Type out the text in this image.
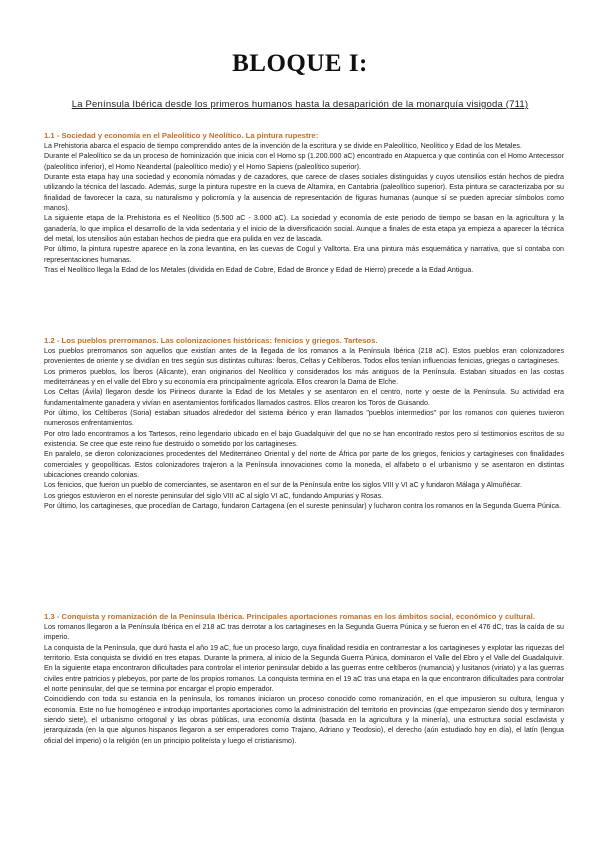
BLOQUE I:
La Península Ibérica desde los primeros humanos hasta la desaparición de la monarquía visigoda (711)
1.1 - Sociedad y economía en el Paleolítico y Neolítico. La pintura rupestre:

La Prehistoria abarca el espacio de tiempo comprendido antes de la invención de la escritura y se divide en Paleolítico, Neolítico y Edad de los Metales.

Durante el Paleolítico se da un proceso de hominización que inicia con el Homo sp (1.200.000 aC) encontrado en Atapuerca y que continúa con el Homo Antecessor (paleolítico inferior), el Homo Neandertal (paleolítico medio) y el Homo Sapiens (paleolítico superior).

Durante esta etapa hay una sociedad y economía nómadas y de cazadores, que carece de clases sociales distinguidas y cuyos utensilios están hechos de piedra utilizando la técnica del lascado. Además, surge la pintura rupestre en la cueva de Altamira, en Cantabria (paleolítico superior). Esta pintura se caracterizaba por su finalidad de favorecer la caza, su naturalismo y policromía y la ausencia de representación de figuras humanas (aunque sí se pueden apreciar símbolos como manos).

La siguiente etapa de la Prehistoria es el Neolítico (5.500 aC - 3.000 aC). La sociedad y economía de este periodo de tiempo se basan en la agricultura y la ganadería, lo que implica el desarrollo de la vida sedentaria y el inicio de la diversificación social. Aunque a finales de esta etapa ya empieza a aparecer la técnica del metal, los utensilios aún estaban hechos de piedra que era pulida en vez de lascada.

Por último, la pintura rupestre aparece en la zona levantina, en las cuevas de Cogul y Valltorta. Era una pintura más esquemática y narrativa, que sí contaba con representaciones humanas.

Tras el Neolítico llega la Edad de los Metales (dividida en Edad de Cobre, Edad de Bronce y Edad de Hierro) precede a la Edad Antigua.

1.2 - Los pueblos prerromanos. Las colonizaciones históricas: fenicios y griegos. Tartesos.

Los pueblos prerromanos son aquellos que existían antes de la llegada de los romanos a la Península Ibérica (218 aC). Estos pueblos eran colonizadores provenientes de oriente y se dividían en tres según sus distintas culturas: Íberos, Celtas y Celtíberos. Todos ellos tenían influencias fenicias, griegas o cartagineses.

Los primeros pueblos, los Íberos (Alicante), eran originarios del Neolítico y considerados los más antiguos de la Península. Estaban situados en las costas mediterráneas y en el valle del Ebro y su economía era principalmente agrícola. Ellos crearon la Dama de Elche.

Los Celtas (Ávila) llegaron desde los Pirineos durante la Edad de los Metales y se asentaron en el centro, norte y oeste de la Península. Su actividad era fundamentalmente ganadera y vivían en asentamientos fortificados llamados castros. Ellos crearon los Toros de Guisando.

Por último, los Celtíberos (Soria) estaban situados alrededor del sistema ibérico y eran llamados "pueblos intermedios" por los romanos con quienes tuvieron numerosos enfrentamientos.

Por otro lado encontramos a los Tartesos, reino legendario ubicado en el bajo Guadalquivir del que no se han encontrado restos pero sí testimonios escritos de su existencia. Se cree que este reino fue destruido o sometido por los cartagineses.

En paralelo, se dieron colonizaciones procedentes del Mediterráneo Oriental y del norte de África por parte de los griegos, fenicios y cartagineses con finalidades comerciales y geopolíticas. Estos colonizadores trajeron a la Península innovaciones como la moneda, el alfabeto o el urbanismo y se asentaron en distintas ubicaciones creando colonias.

Los fenicios, que fueron un pueblo de comerciantes, se asentaron en el sur de la Península entre los siglos VIII y VI aC y fundaron Málaga y Almuñécar.

Los griegos estuvieron en el noreste peninsular del siglo VIII aC al siglo VI aC, fundando Ampurias y Rosas.

Por último, los cartagineses, que procedían de Cartago, fundaron Cartagena (en el sureste peninsular) y lucharon contra los romanos en la Segunda Guerra Púnica.

1.3 - Conquista y romanización de la Península Ibérica. Principales aportaciones romanas en los ámbitos social, económico y cultural.

Los romanos llegaron a la Península Ibérica en el 218 aC tras derrotar a los cartagineses en la Segunda Guerra Púnica y se fueron en el 476 dC, tras la caída de su imperio.

La conquista de la Península, que duró hasta el año 19 aC, fue un proceso largo, cuya finalidad residía en contrarrestar a los cartagineses y explotar las riquezas del territorio. Esta conquista se dividió en tres etapas. Durante la primera, al inicio de la Segunda Guerra Púnica, dominaron el Valle del Ebro y el Valle del Guadalquivir. En la siguiente etapa encontraron dificultades para controlar el interior peninsular debido a las guerras entre celtíberos (numancia) y lusitanos (viriato) y a las guerras civiles entre patricios y plebeyos, por parte de los propios romanos. La conquista termina en el 19 aC tras una etapa en la que encontraron dificultades para controlar el norte peninsular, del que se termina por encargar el propio emperador.

Coincidiendo con toda su estancia en la península, los romanos iniciaron un proceso conocido como romanización, en el que impusieron su cultura, lengua y economía. Este no fue homogéneo e introdujo importantes aportaciones como la administración del territorio en provincias (que empezaron siendo dos y terminaron siendo siete), el urbanismo ortogonal y las obras públicas, una economía distinta (basada en la agricultura y la minería), una estructura social esclavista y jerarquizada (en la que algunos hispanos llegaron a ser emperadores como Trajano, Adriano y Teodosio), el derecho (aún estudiado hoy en día), el latín (lengua oficial del imperio) o la religión (en un principio politeísta y luego el cristianismo).
